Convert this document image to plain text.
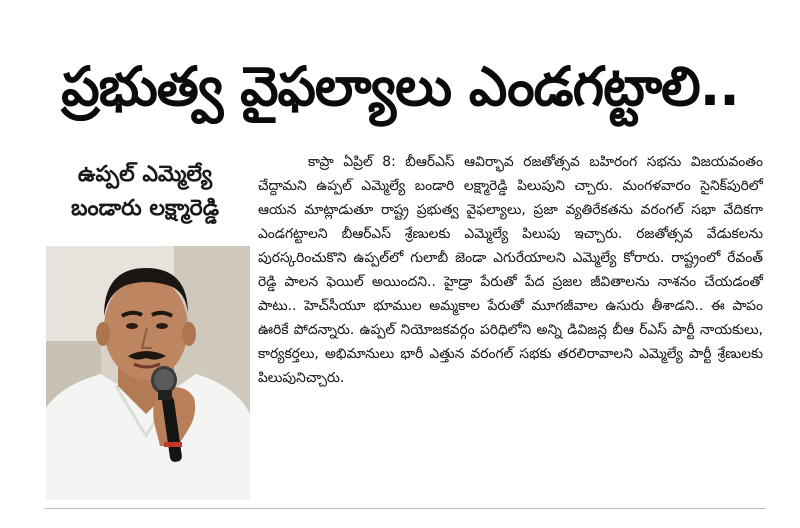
ప్రభుత్వ వైఫల్యాలు ఎండగట్టాలి..
ఉప్పల్ ఎమ్మెల్యే
బండారు లక్ష్మారెడ్డి
కాప్రా ఏప్రిల్ 8: బీఆర్ఎస్ ఆవిర్భావ రజతోత్సవ బహిరంగ సభను విజయవంతం చేద్దామని ఉప్పల్ ఎమ్మెల్యే బండారి లక్ష్మారెడ్డి పిలుపుని చ్చారు. మంగళవారం సైనిక్‌పురిలో ఆయన మాట్లాడుతూ రాష్ట్ర ప్రభుత్వ వైఫల్యాలు, ప్రజా వ్యతిరేకతను వరంగల్ సభా వేదికగా ఎండగట్టాలని బీఆర్ఎస్ శ్రేణులకు ఎమ్మెల్యే పిలుపు ఇచ్చారు. రజతోత్సవ వేడుకలను పురస్కరించుకొని ఉప్పల్‌లో గులాబీ జెండా ఎగురేయాలని ఎమ్మెల్యే కోరారు. రాష్ట్రంలో రేవంత్ రెడ్డి పాలన ఫెయిల్ అయిందని.. హైడ్రా పేరుతో పేద ప్రజల జీవితాలను నాశనం చేయడంతో పాటు.. హెచ్‌సీయూ భూముల అమ్మకాల పేరుతో మూగజీవాల ఉసురు తీశాడని.. ఈ పాపం ఊరికే పోదన్నారు. ఉప్పల్ నియోజకవర్గం పరిధిలోని అన్ని డివిజన్ల బీఆ ర్ఎస్ పార్టీ నాయకులు, కార్యకర్తలు, అభిమానులు భారీ ఎత్తున వరంగల్ సభకు తరలిరావాలని ఎమ్మెల్యే పార్టీ శ్రేణులకు పిలుపునిచ్చారు.
